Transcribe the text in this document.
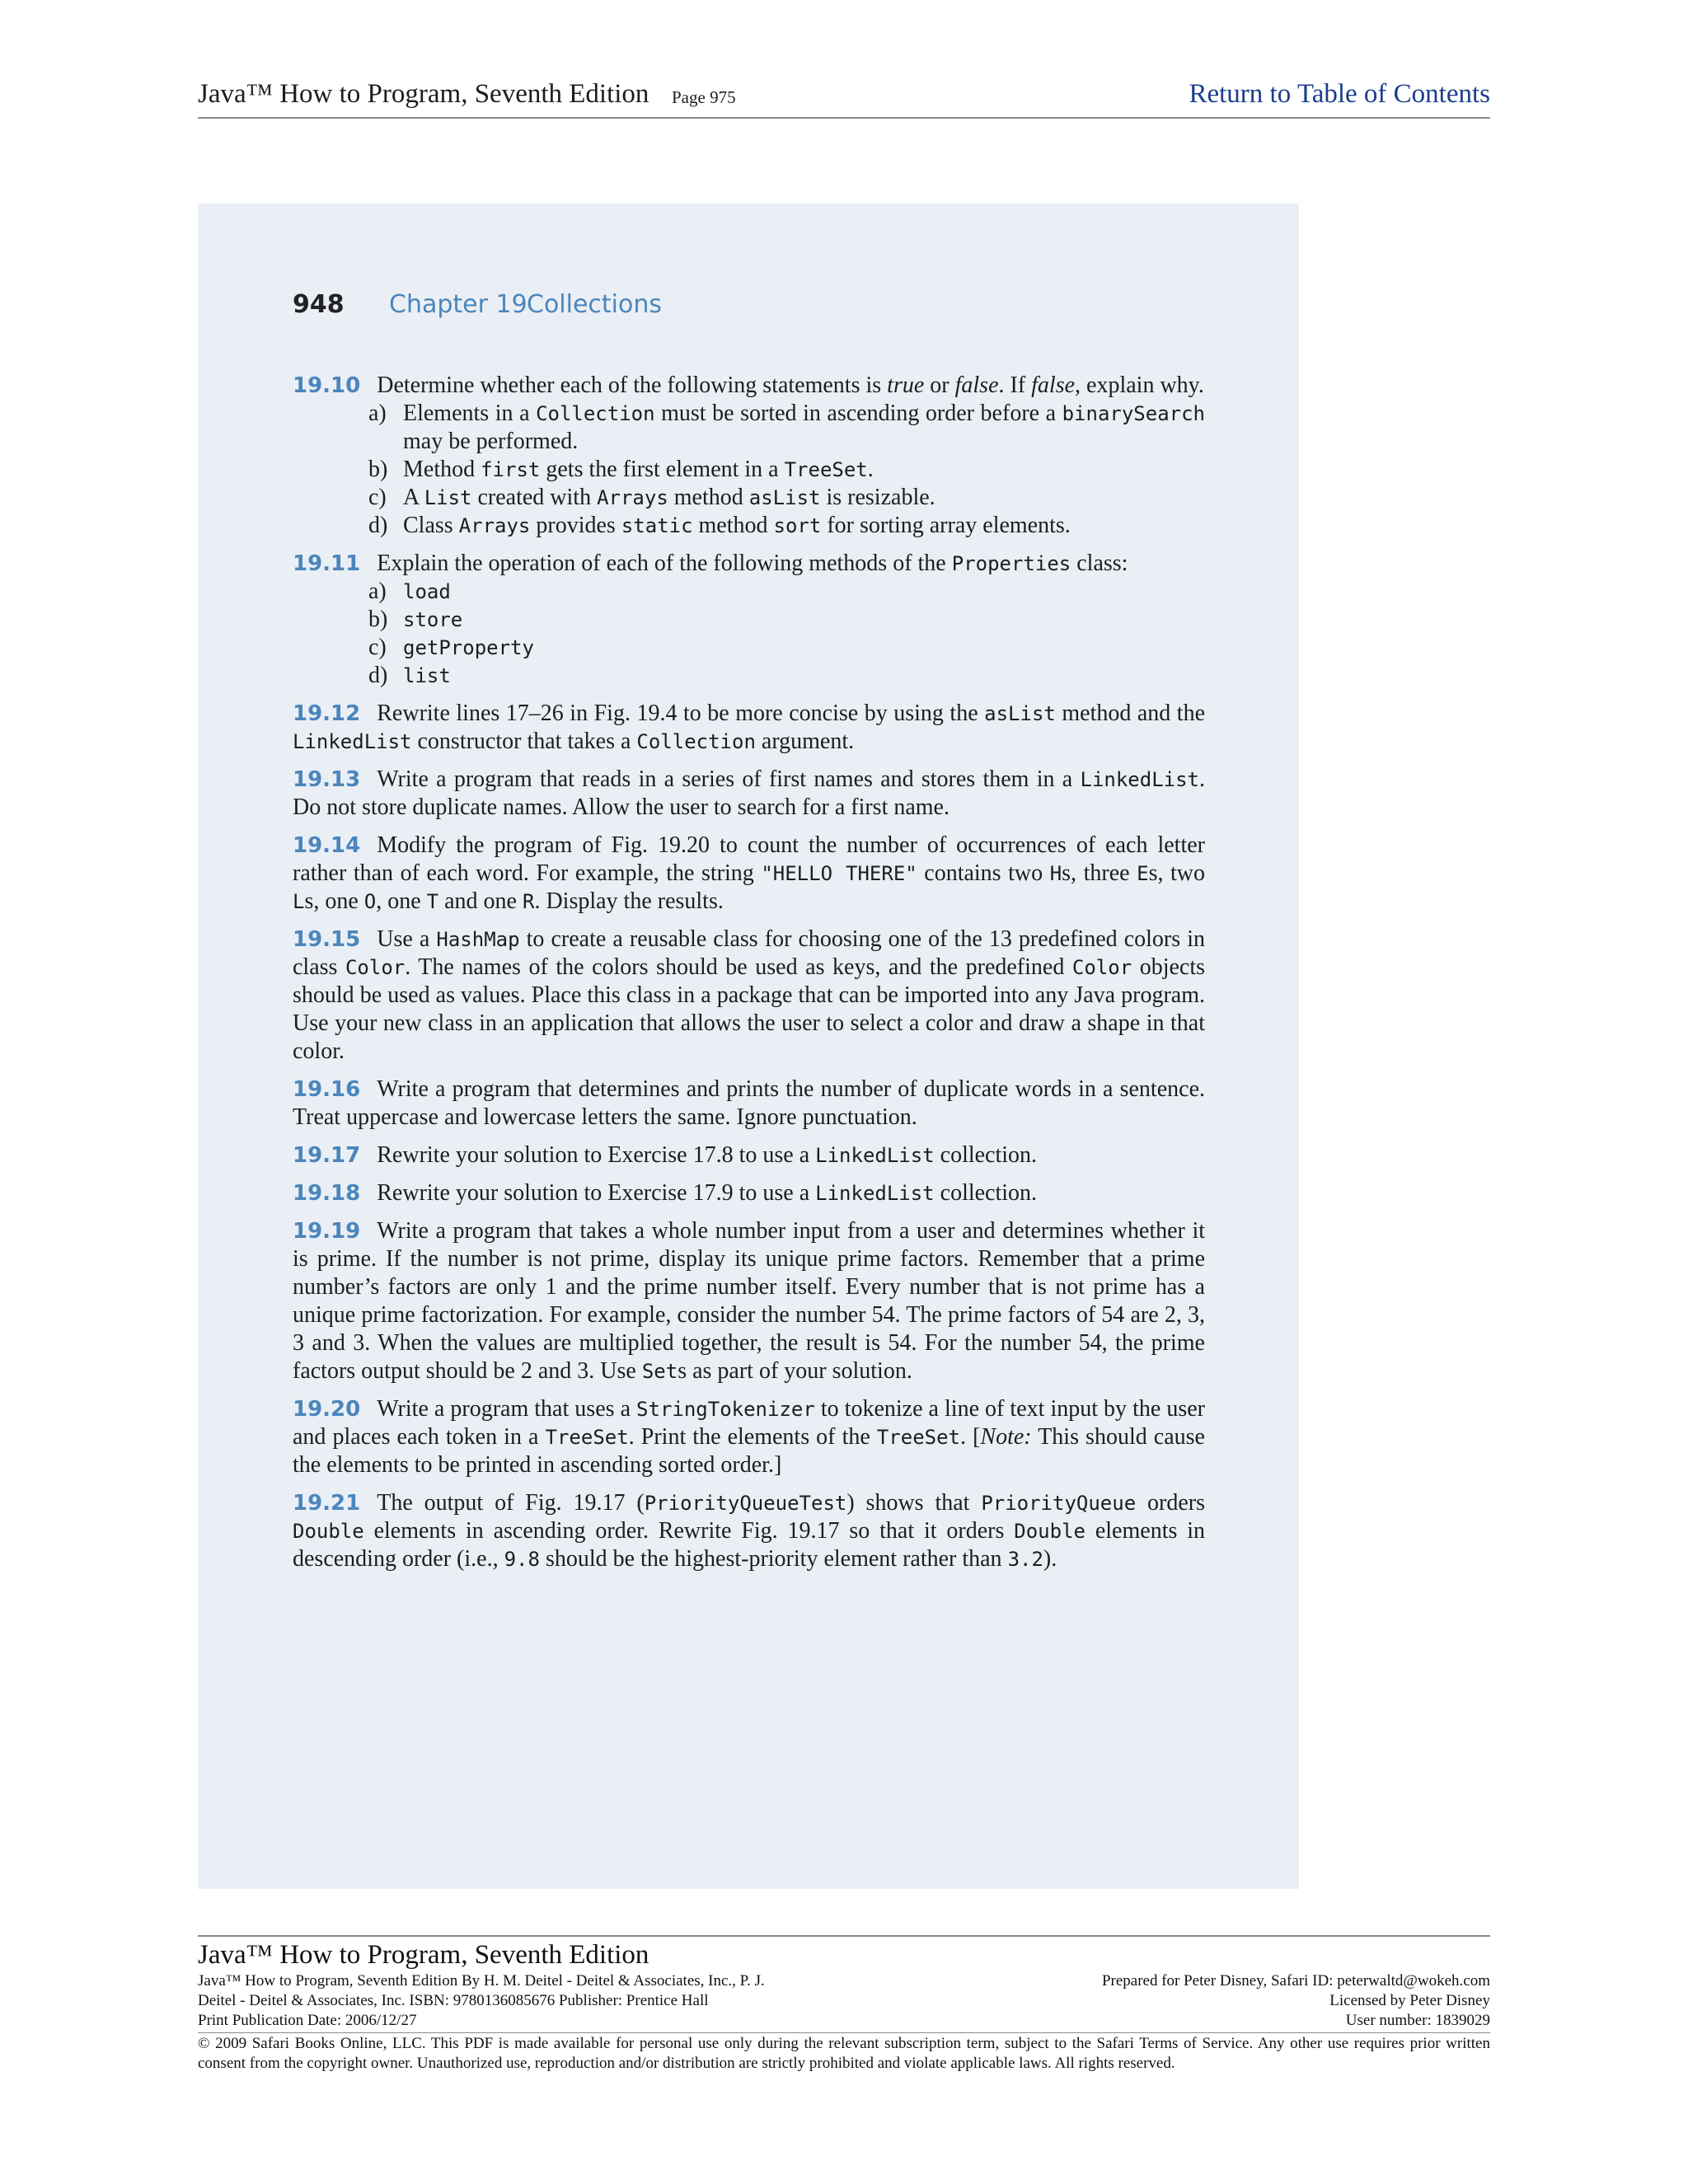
Java™ How to Program, Seventh Edition Page 975	Return to Table of Contents
948 Chapter 19 Collections
19.10 Determine whether each of the following statements is true or false. If false, explain why.
a) Elements in a Collection must be sorted in ascending order before a binarySearch may be performed.
b) Method first gets the first element in a TreeSet.
c) A List created with Arrays method asList is resizable.
d) Class Arrays provides static method sort for sorting array elements.
19.11 Explain the operation of each of the following methods of the Properties class:
a) load
b) store
c) getProperty
d) list
19.12 Rewrite lines 17–26 in Fig. 19.4 to be more concise by using the asList method and the LinkedList constructor that takes a Collection argument.
19.13 Write a program that reads in a series of first names and stores them in a LinkedList. Do not store duplicate names. Allow the user to search for a first name.
19.14 Modify the program of Fig. 19.20 to count the number of occurrences of each letter rather than of each word. For example, the string "HELLO THERE" contains two Hs, three Es, two Ls, one O, one T and one R. Display the results.
19.15 Use a HashMap to create a reusable class for choosing one of the 13 predefined colors in class Color. The names of the colors should be used as keys, and the predefined Color objects should be used as values. Place this class in a package that can be imported into any Java program. Use your new class in an application that allows the user to select a color and draw a shape in that color.
19.16 Write a program that determines and prints the number of duplicate words in a sentence. Treat uppercase and lowercase letters the same. Ignore punctuation.
19.17 Rewrite your solution to Exercise 17.8 to use a LinkedList collection.
19.18 Rewrite your solution to Exercise 17.9 to use a LinkedList collection.
19.19 Write a program that takes a whole number input from a user and determines whether it is prime. If the number is not prime, display its unique prime factors. Remember that a prime number’s factors are only 1 and the prime number itself. Every number that is not prime has a unique prime factorization. For example, consider the number 54. The prime factors of 54 are 2, 3, 3 and 3. When the values are multiplied together, the result is 54. For the number 54, the prime factors output should be 2 and 3. Use Sets as part of your solution.
19.20 Write a program that uses a StringTokenizer to tokenize a line of text input by the user and places each token in a TreeSet. Print the elements of the TreeSet. [Note: This should cause the elements to be printed in ascending sorted order.]
19.21 The output of Fig. 19.17 (PriorityQueueTest) shows that PriorityQueue orders Double elements in ascending order. Rewrite Fig. 19.17 so that it orders Double elements in descending order (i.e., 9.8 should be the highest-priority element rather than 3.2).
Java™ How to Program, Seventh Edition
Java™ How to Program, Seventh Edition By H. M. Deitel - Deitel & Associates, Inc., P. J.	Prepared for Peter Disney, Safari ID: peterwaltd@wokeh.com
Deitel - Deitel & Associates, Inc. ISBN: 9780136085676 Publisher: Prentice Hall	Licensed by Peter Disney
Print Publication Date: 2006/12/27	User number: 1839029
© 2009 Safari Books Online, LLC. This PDF is made available for personal use only during the relevant subscription term, subject to the Safari Terms of Service. Any other use requires prior written consent from the copyright owner. Unauthorized use, reproduction and/or distribution are strictly prohibited and violate applicable laws. All rights reserved.
